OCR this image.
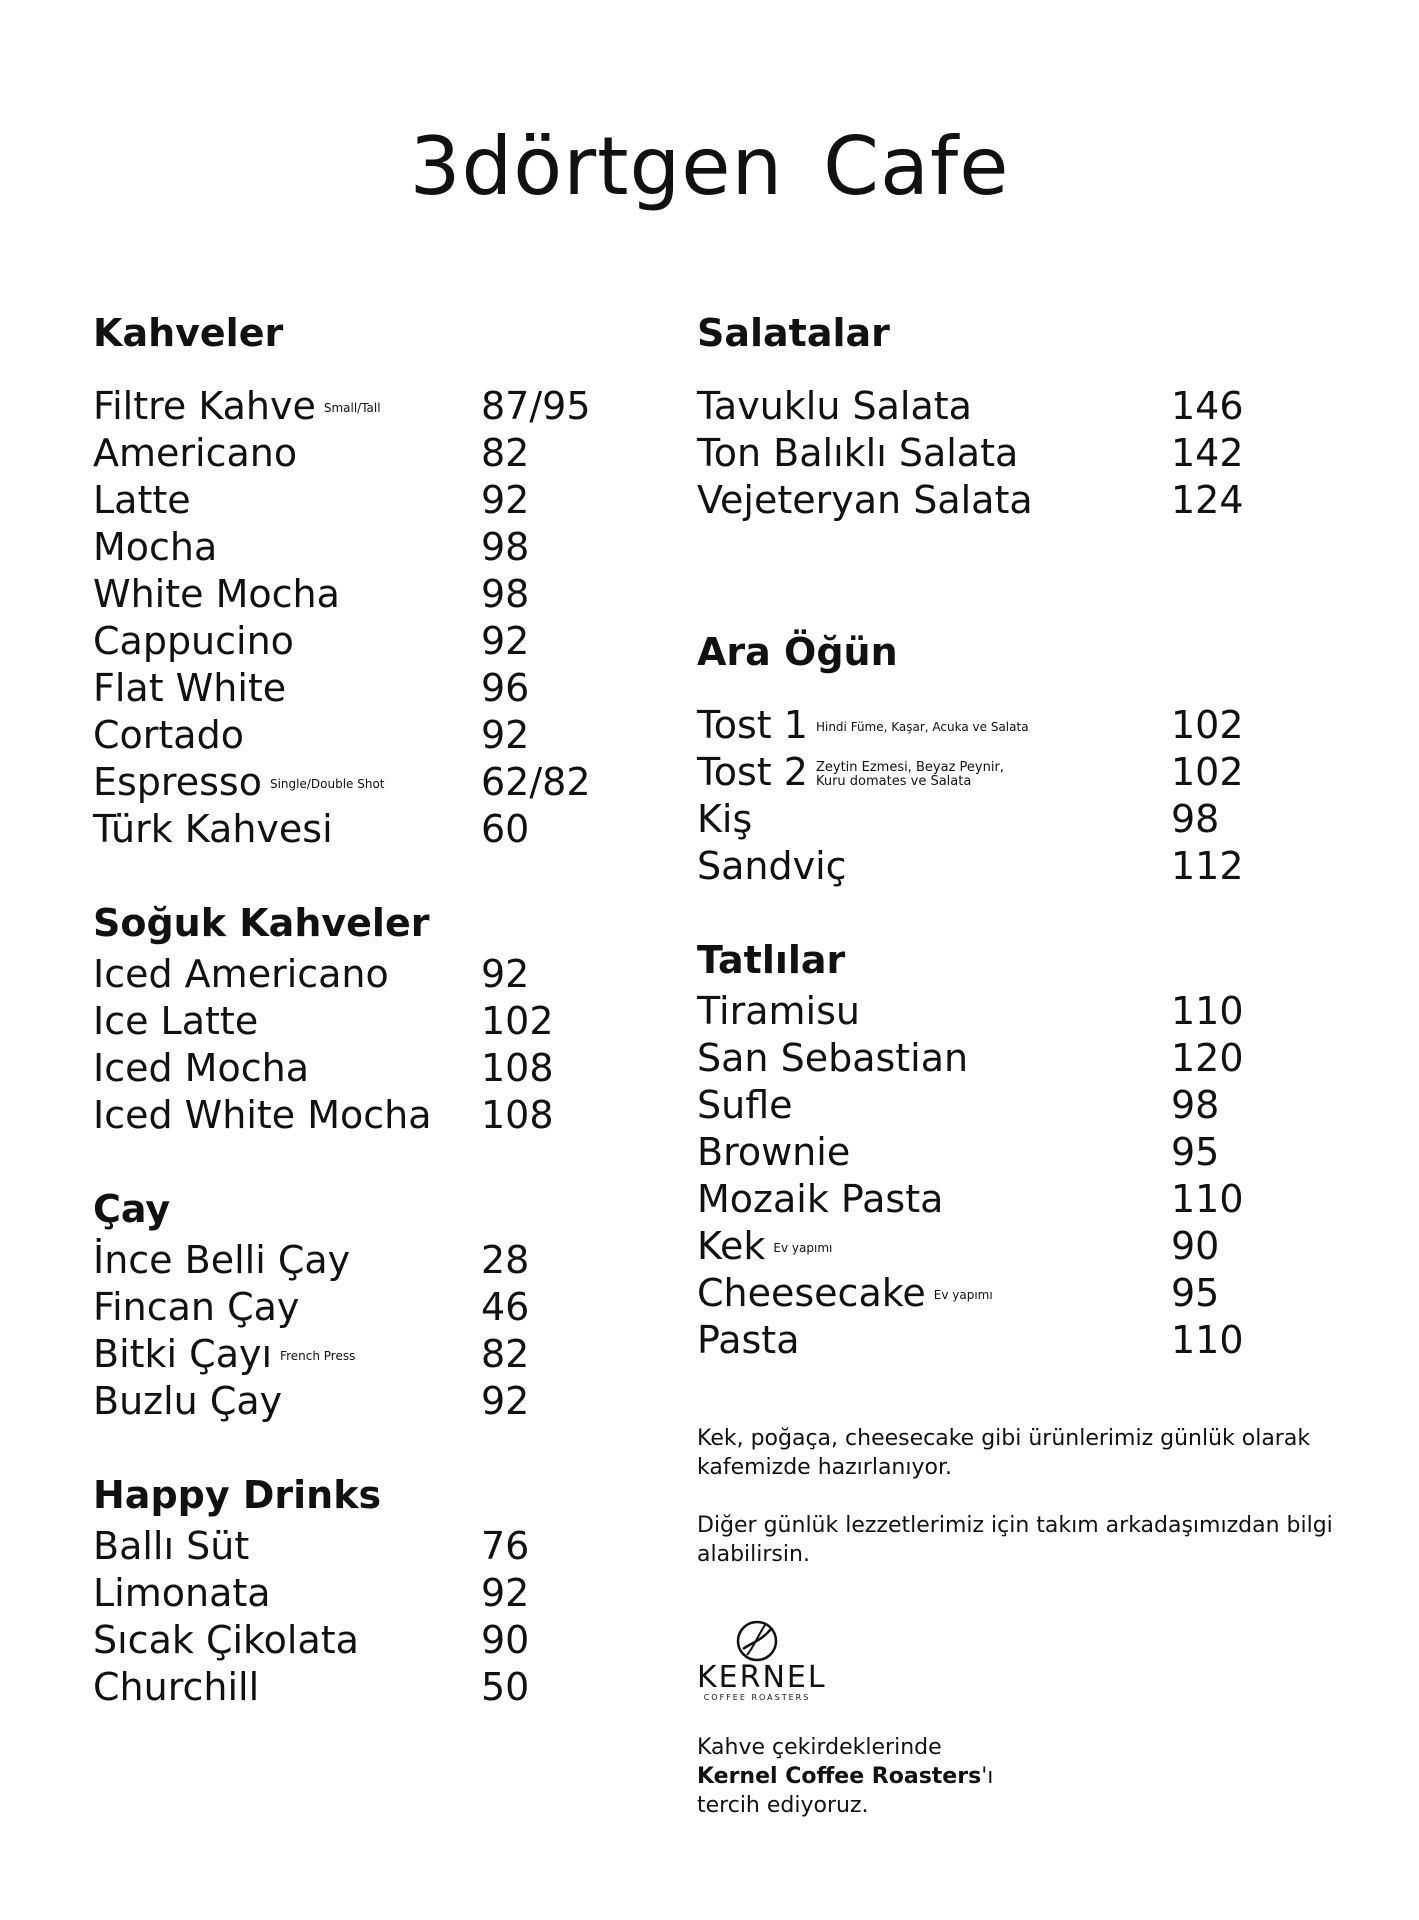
3dörtgen Cafe
Kahveler
Filtre Kahve Small/Tall	87/95
Americano	82
Latte	92
Mocha	98
White Mocha	98
Cappucino	92
Flat White	96
Cortado	92
Espresso Single/Double Shot	62/82
Türk Kahvesi	60
Soğuk Kahveler
Iced Americano 92
Ice Latte	102
Iced Mocha	108
Iced White Mocha 108
Çay
İnce Belli Çay	28
Fincan Çay	46
Bitki Çayı French Press	82
Buzlu Çay	92
Happy Drinks
Ballı Süt	76
Limonata	92
Sıcak Çikolata	90
Churchill	50
Salatalar
Tavuklu Salata	146
Ton Balıklı Salata	142
Vejeteryan Salata	124
Ara Öğün
Tost 1 Hindi Füme, Kaşar, Acuka ve Salata	102
Tost 2 Zeytin Ezmesi, Beyaz Peynir,
Kuru domates ve Salata	102
Kiş	98
Sandviç	112
Tatlılar
Tiramisu	110
San Sebastian	120
Sufle	98
Brownie	95
Mozaik Pasta	110
Kek Ev yapımı	90
Cheesecake Ev yapımı	95
Pasta	110

Kek, poğaça, cheesecake gibi ürünlerimiz günlük olarak kafemizde hazırlanıyor.

Diğer günlük lezzetlerimiz için takım arkadaşımızdan bilgi alabilirsin.

KERNEL
COFFEE ROASTERS
Kahve çekirdeklerinde
Kernel Coffee Roasters'ı
tercih ediyoruz.
